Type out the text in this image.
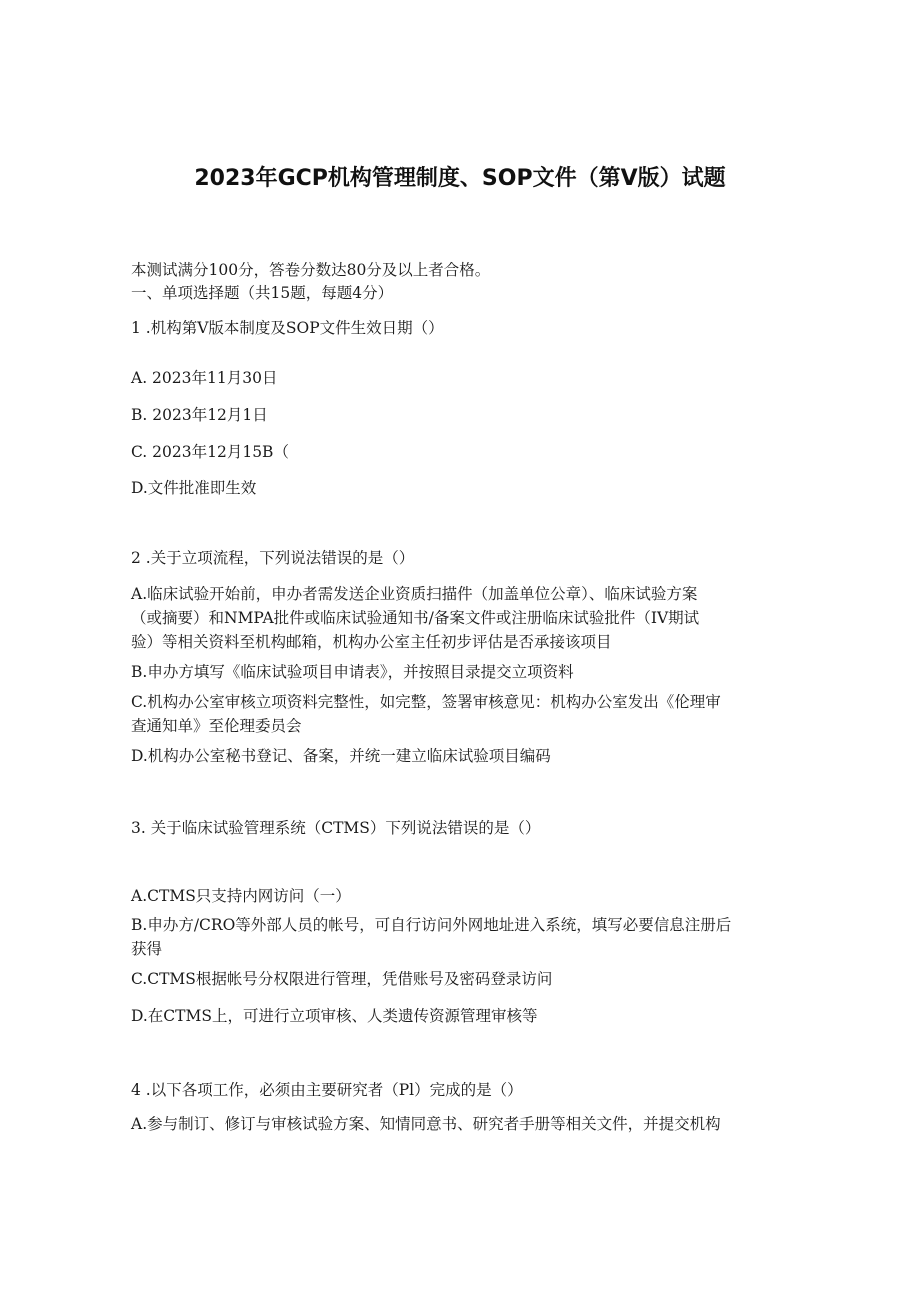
2023年GCP机构管理制度、SOP文件（第V版）试题
本测试满分100分，答卷分数达80分及以上者合格。
一、单项选择题（共15题，每题4分）
1 .机构第V版本制度及SOP文件生效日期（）
A. 2023年11月30日
B. 2023年12月1日
C. 2023年12月15B（
D.文件批准即生效
2 .关于立项流程，下列说法错误的是（）
A.临床试验开始前，申办者需发送企业资质扫描件（加盖单位公章）、临床试验方案
（或摘要）和NMPA批件或临床试验通知书/备案文件或注册临床试验批件（IV期试
验）等相关资料至机构邮箱，机构办公室主任初步评估是否承接该项目
B.申办方填写《临床试验项目申请表》，并按照目录提交立项资料
C.机构办公室审核立项资料完整性，如完整，签署审核意见：机构办公室发出《伦理审
查通知单》至伦理委员会
D.机构办公室秘书登记、备案，并统一建立临床试验项目编码
3. 关于临床试验管理系统（CTMS）下列说法错误的是（）
A.CTMS只支持内网访问（一）
B.申办方/CRO等外部人员的帐号，可自行访问外网地址进入系统，填写必要信息注册后
获得
C.CTMS根据帐号分权限进行管理，凭借账号及密码登录访问
D.在CTMS上，可进行立项审核、人类遗传资源管理审核等
4 .以下各项工作，必须由主要研究者（Pl）完成的是（）
A.参与制订、修订与审核试验方案、知情同意书、研究者手册等相关文件，并提交机构
